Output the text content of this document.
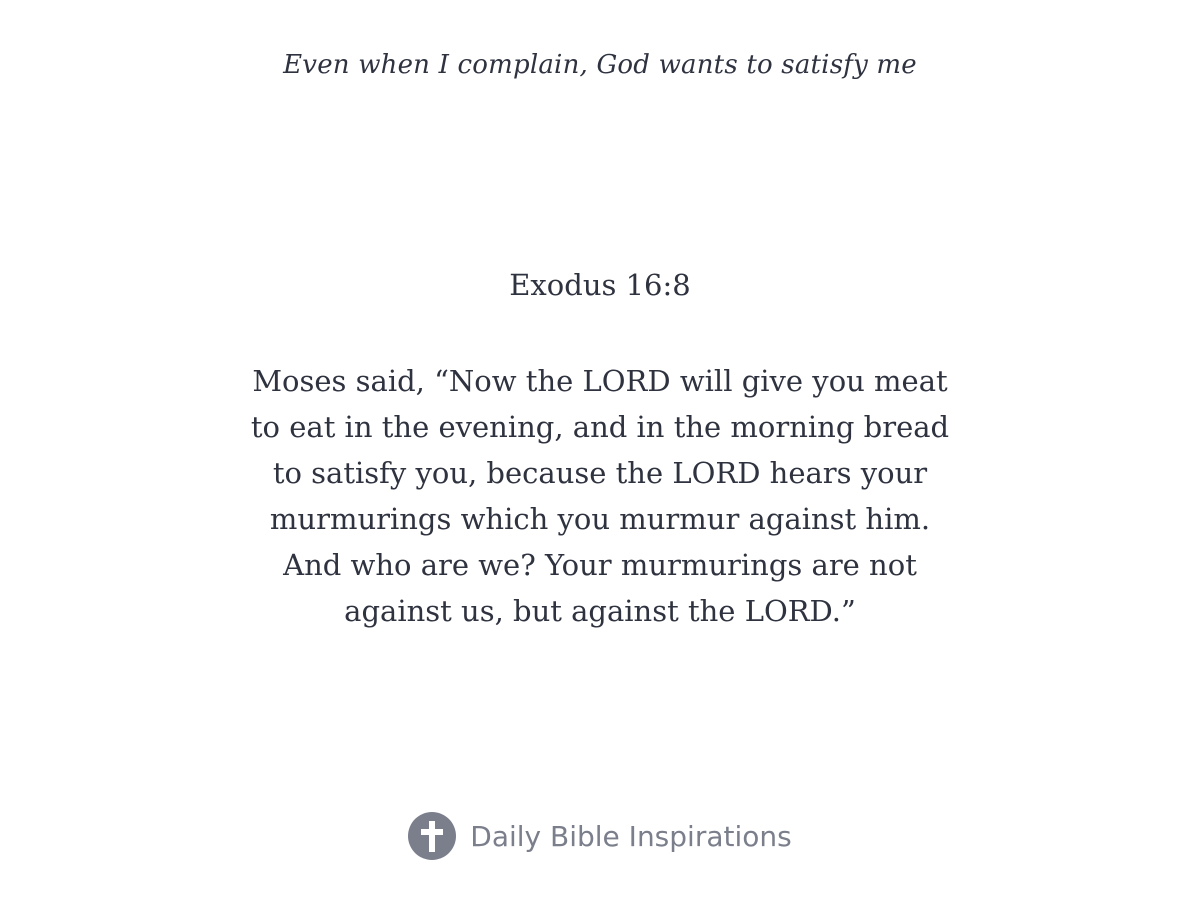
Even when I complain, God wants to satisfy me
Exodus 16:8
Moses said, “Now the LORD will give you meat to eat in the evening, and in the morning bread to satisfy you, because the LORD hears your murmurings which you murmur against him. And who are we? Your murmurings are not against us, but against the LORD.”
Daily Bible Inspirations
